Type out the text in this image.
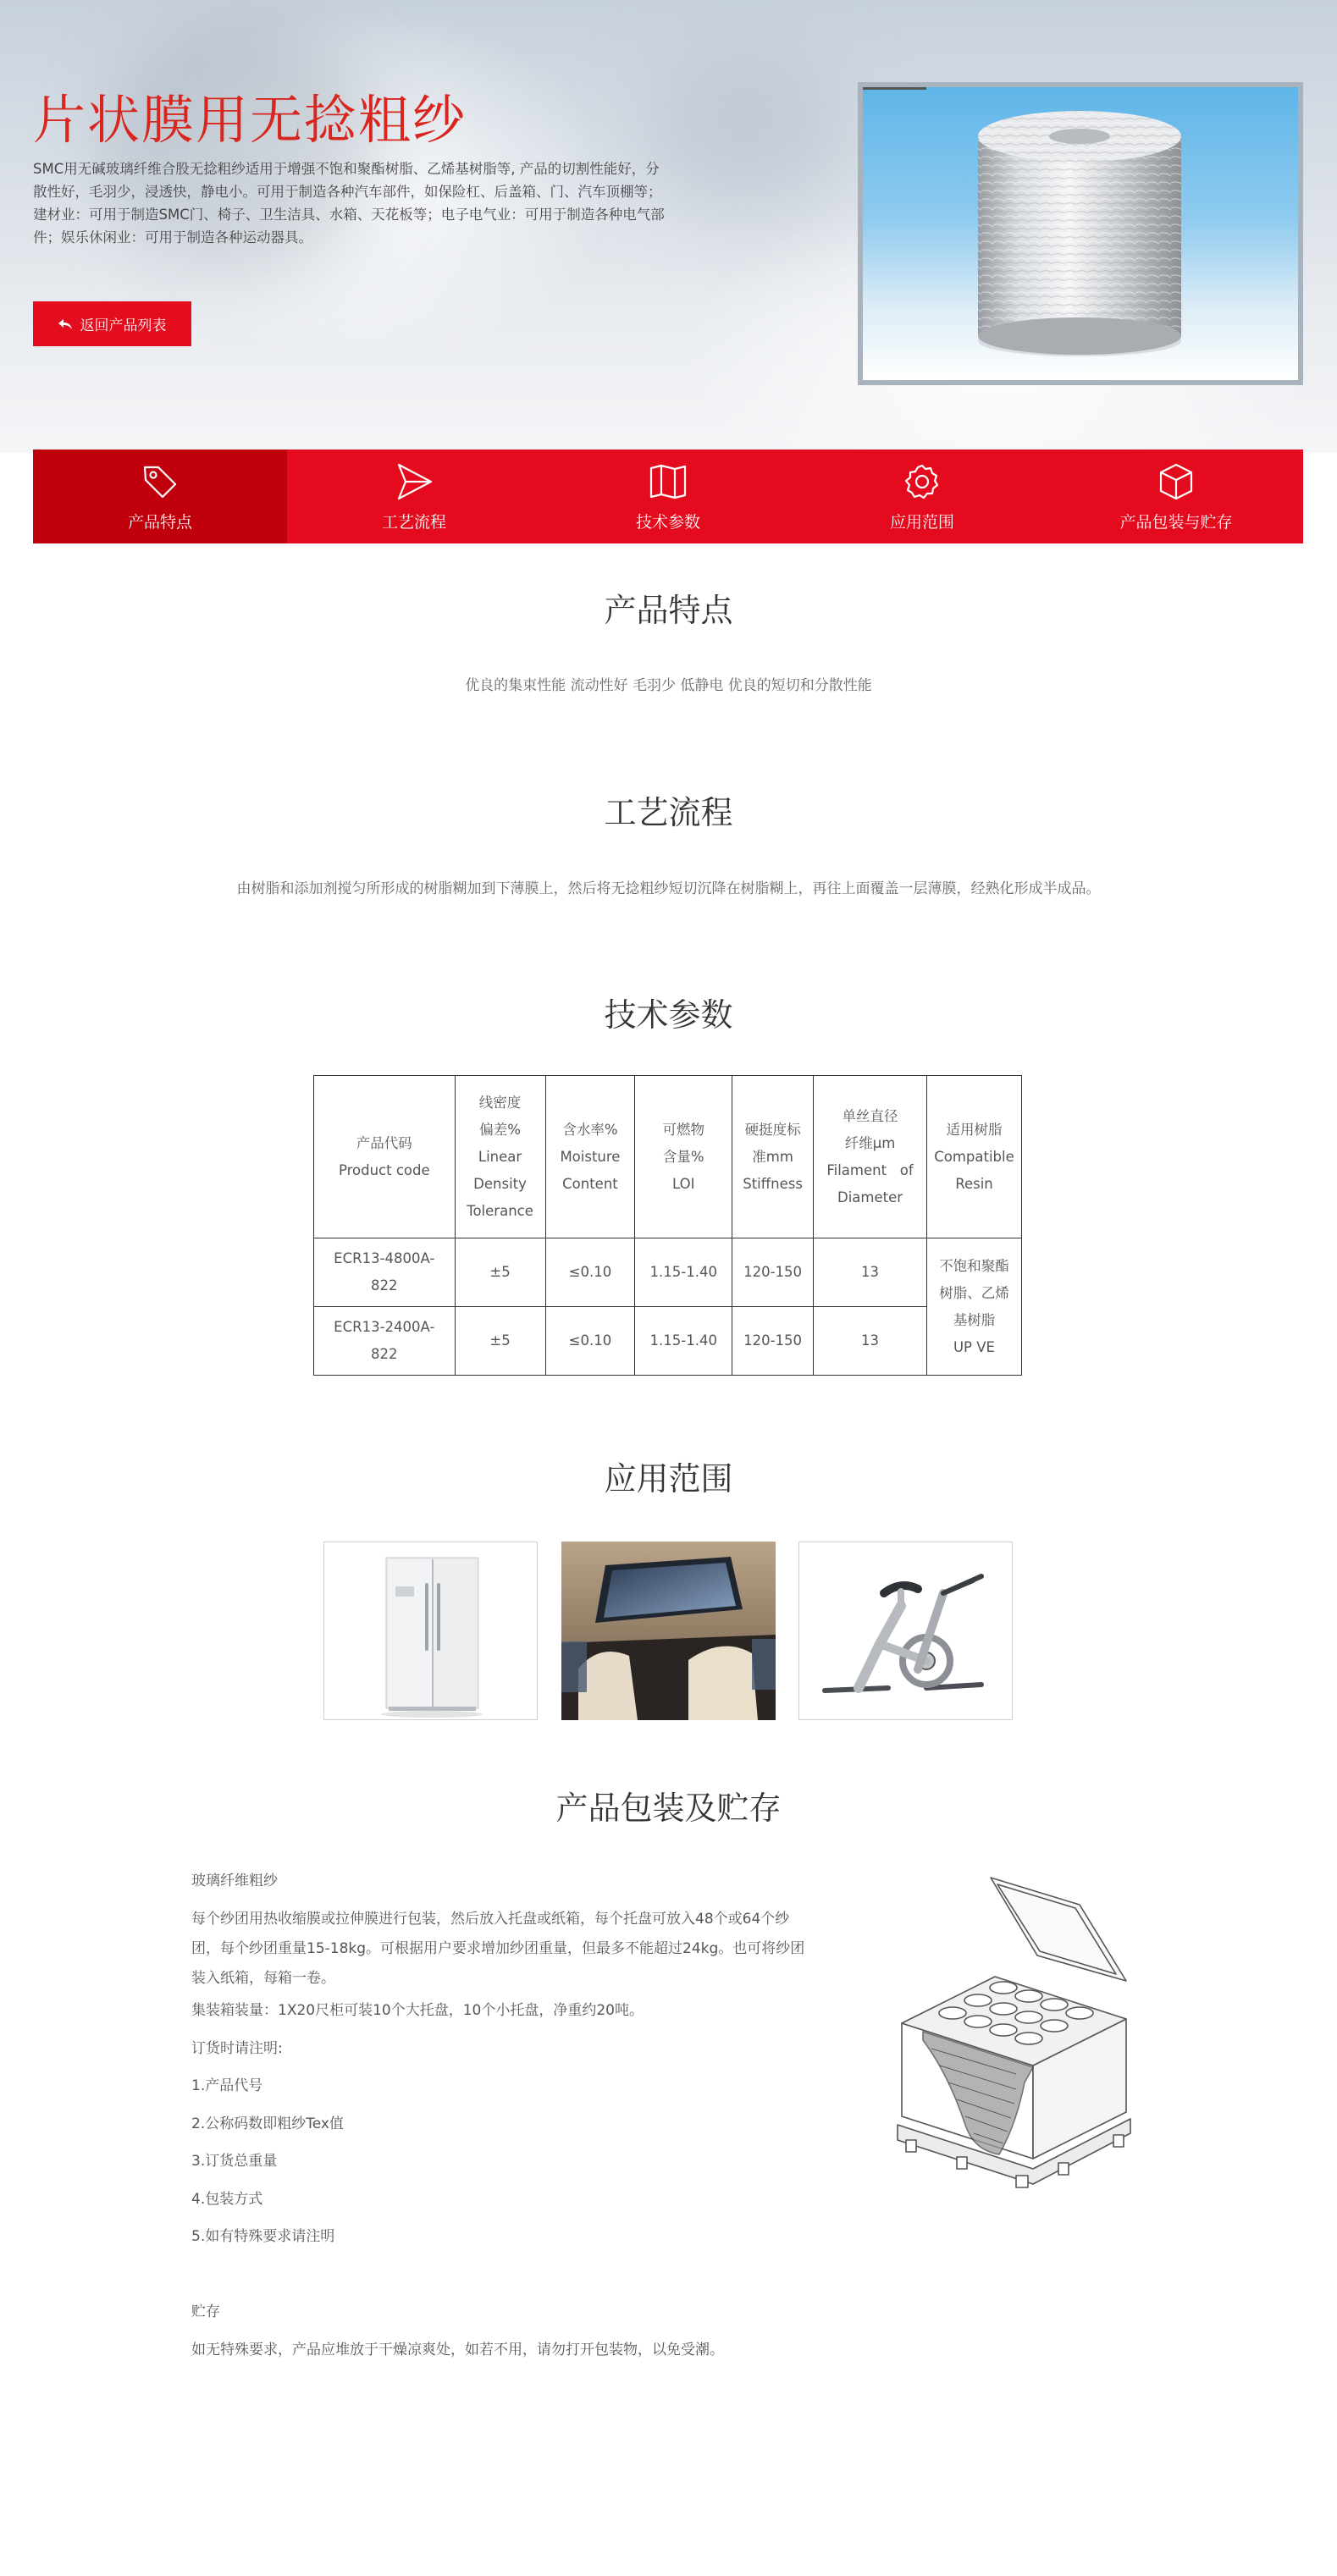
片状膜用无捻粗纱

SMC用无碱玻璃纤维合股无捻粗纱适用于增强不饱和聚酯树脂、乙烯基树脂等, 产品的切割性能好，分散性好，毛羽少，浸透快，静电小。可用于制造各种汽车部件，如保险杠、后盖箱、门、汽车顶棚等；建材业：可用于制造SMC门、椅子、卫生洁具、水箱、天花板等；电子电气业：可用于制造各种电气部件；娱乐休闲业：可用于制造各种运动器具。

返回产品列表
产品特点	工艺流程	技术参数	应用范围	产品包装与贮存
产品特点

优良的集束性能 流动性好 毛羽少 低静电 优良的短切和分散性能

工艺流程

由树脂和添加剂搅匀所形成的树脂糊加到下薄膜上，然后将无捻粗纱短切沉降在树脂糊上，再往上面覆盖一层薄膜，经熟化形成半成品。

技术参数
产品代码
Product code	线密度
偏差%
Linear
Density
Tolerance	含水率%
Moisture
Content	可燃物
含量%
LOI	硬挺度标
准mm
Stiffness	单丝直径
纤维μm
Filament   of
Diameter	适用树脂
Compatible
Resin
ECR13-4800A-
822	±5	≤0.10	1.15-1.40	120-150	13	不饱和聚酯
树脂、乙烯
基树脂
UP VE
ECR13-2400A-
822	±5	≤0.10	1.15-1.40	120-150	13	
应用范围
产品包装及贮存

玻璃纤维粗纱

每个纱团用热收缩膜或拉伸膜进行包装，然后放入托盘或纸箱，每个托盘可放入48个或64个纱团，每个纱团重量15-18kg。可根据用户要求增加纱团重量，但最多不能超过24kg。也可将纱团装入纸箱，每箱一卷。

集装箱装量：1X20尺柜可装10个大托盘，10个小托盘，净重约20吨。

订货时请注明:

1.产品代号

2.公称码数即粗纱Tex值

3.订货总重量

4.包装方式

5.如有特殊要求请注明

贮存

如无特殊要求，产品应堆放于干燥凉爽处，如若不用，请勿打开包装物，以免受潮。
